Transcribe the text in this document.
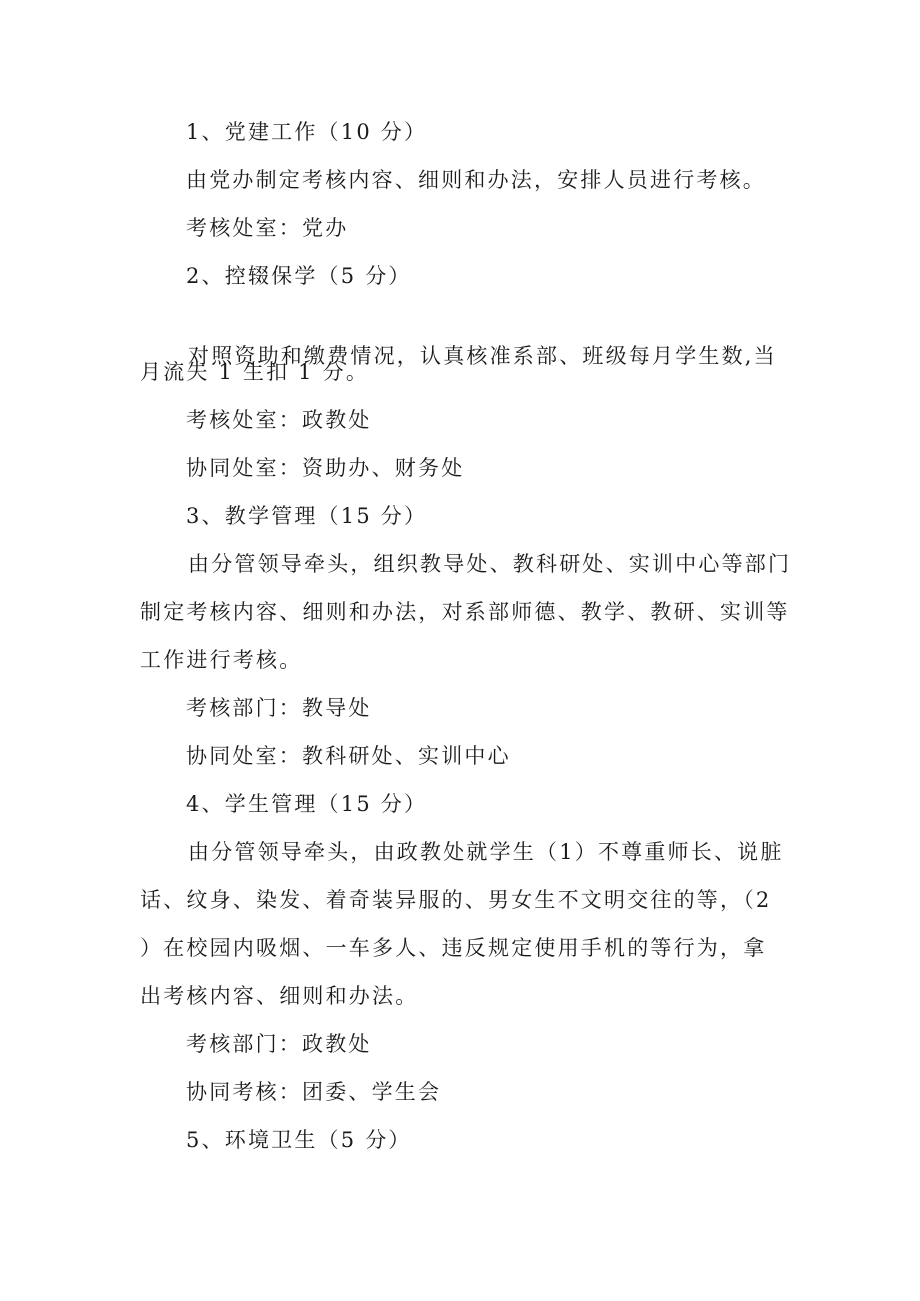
1、党建工作（10 分）
由党办制定考核内容、细则和办法，安排人员进行考核。
考核处室：党办
2、控辍保学（5 分）
对照资助和缴费情况，认真核准系部、班级每月学生数,当
月流失 1 生扣 1 分。
考核处室：政教处
协同处室：资助办、财务处
3、教学管理（15 分）
由分管领导牵头，组织教导处、教科研处、实训中心等部门
制定考核内容、细则和办法，对系部师德、教学、教研、实训等
工作进行考核。
考核部门：教导处
协同处室：教科研处、实训中心
4、学生管理（15 分）
由分管领导牵头，由政教处就学生（1）不尊重师长、说脏
话、纹身、染发、着奇装异服的、男女生不文明交往的等，（2
）在校园内吸烟、一车多人、违反规定使用手机的等行为，拿
出考核内容、细则和办法。
考核部门：政教处
协同考核：团委、学生会
5、环境卫生（5 分）
